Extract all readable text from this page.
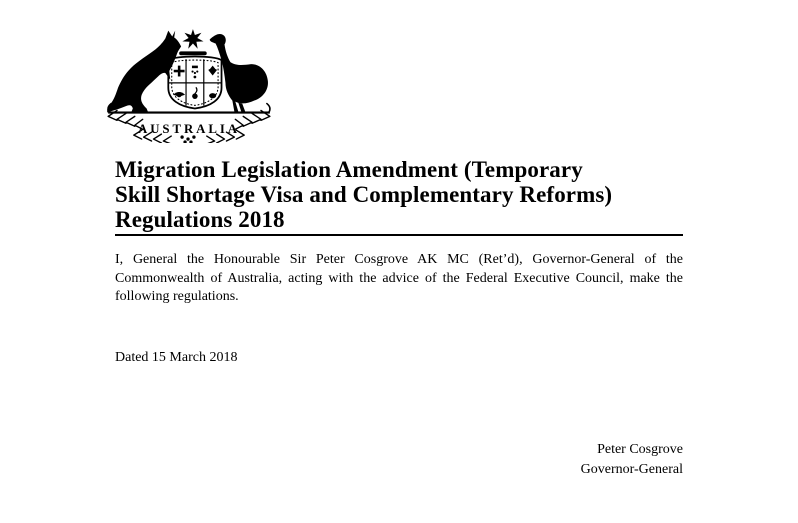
AUSTRALIA
Migration Legislation Amendment (Temporary
Skill Shortage Visa and Complementary Reforms)
Regulations 2018

I, General the Honourable Sir Peter Cosgrove AK MC (Ret’d), Governor-General of the
Commonwealth of Australia, acting with the advice of the Federal Executive Council, make the
following regulations.

Dated 15 March 2018

Peter Cosgrove
Governor-General
